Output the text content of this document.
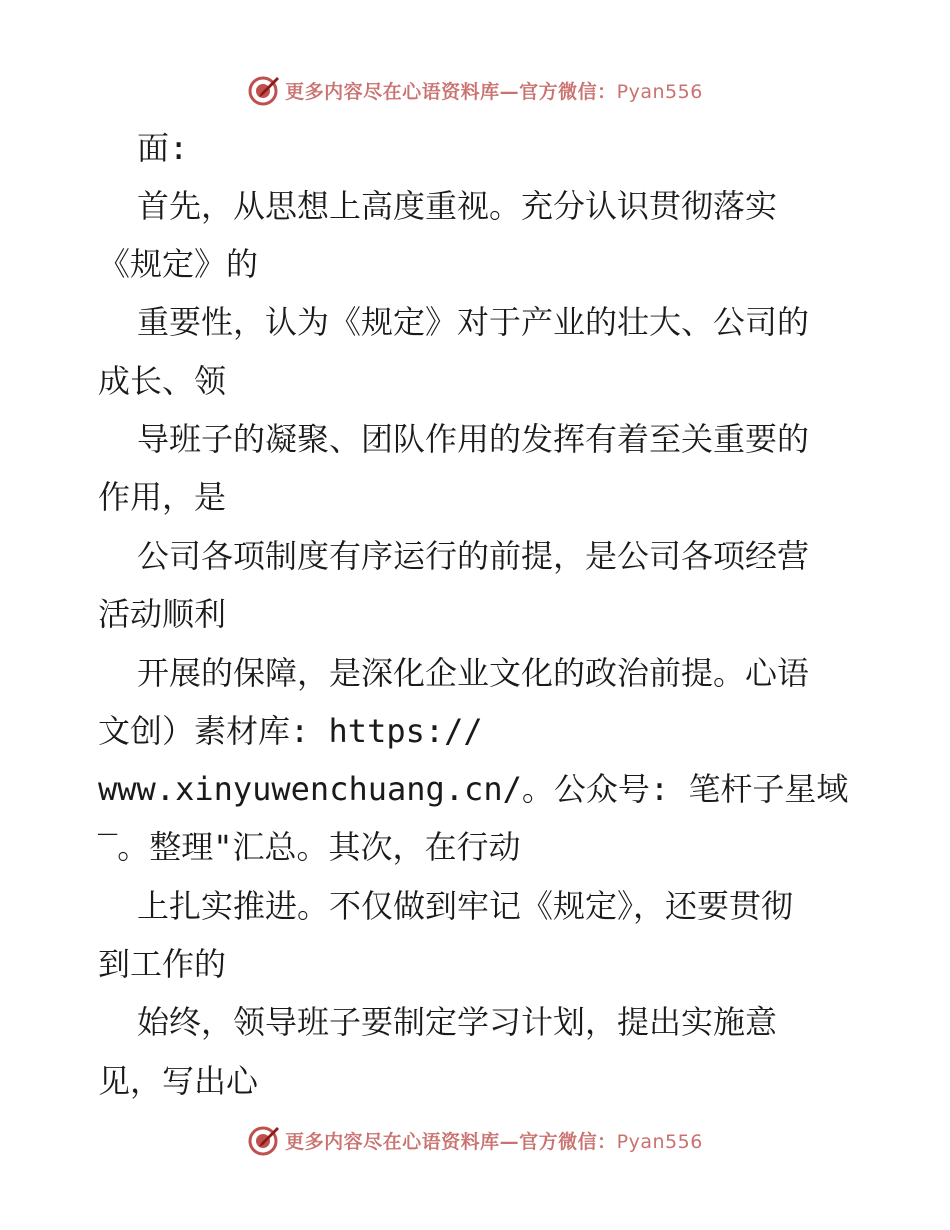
更多内容尽在心语资料库—官方微信：Pyan556
面:
首先，从思想上高度重视。充分认识贯彻落实
《规定》的
重要性，认为《规定》对于产业的壮大、公司的
成长、领
导班子的凝聚、团队作用的发挥有着至关重要的
作用，是
公司各项制度有序运行的前提，是公司各项经营
活动顺利
开展的保障，是深化企业文化的政治前提。心语
文创）素材库: https://
www.xinyuwenchuang.cn/。公众号: 笔杆子星域
‾。整理"汇总。其次，在行动
上扎实推进。不仅做到牢记《规定》，还要贯彻
到工作的
始终，领导班子要制定学习计划，提出实施意
见，写出心
更多内容尽在心语资料库—官方微信：Pyan556
